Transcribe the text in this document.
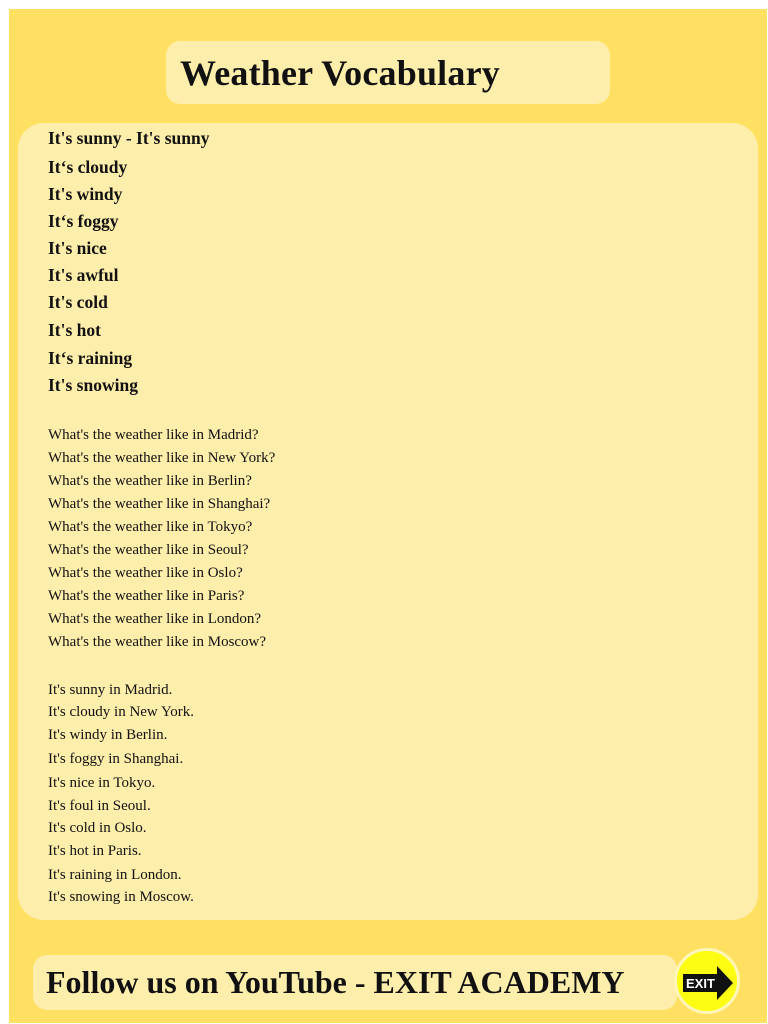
Weather Vocabulary
It's sunny - It's sunny
It‘s cloudy
It's windy
It‘s foggy
It's nice
It's awful
It's cold
It's hot
It‘s raining
It's snowing
What's the weather like in Madrid?
What's the weather like in New York?
What's the weather like in Berlin?
What's the weather like in Shanghai?
What's the weather like in Tokyo?
What's the weather like in Seoul?
What's the weather like in Oslo?
What's the weather like in Paris?
What's the weather like in London?
What's the weather like in Moscow?
It's sunny in Madrid.
It's cloudy in New York.
It's windy in Berlin.
It's foggy in Shanghai.
It's nice in Tokyo.
It's foul in Seoul.
It's cold in Oslo.
It's hot in Paris.
It's raining in London.
It's snowing in Moscow.
Follow us on YouTube - EXIT ACADEMY	EXIT
